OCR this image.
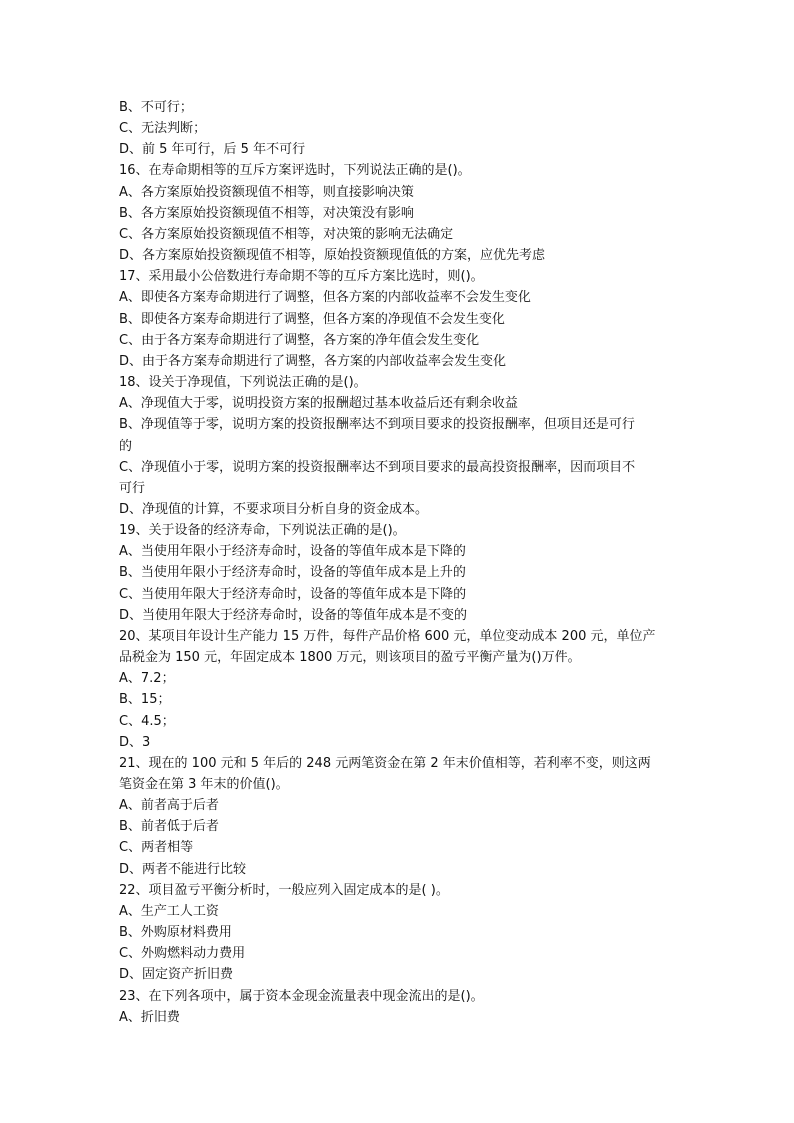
B、不可行；
C、无法判断；
D、前 5 年可行，后 5 年不可行
16、在寿命期相等的互斥方案评选时，下列说法正确的是()。
A、各方案原始投资额现值不相等，则直接影响决策
B、各方案原始投资额现值不相等，对决策没有影响
C、各方案原始投资额现值不相等，对决策的影响无法确定
D、各方案原始投资额现值不相等，原始投资额现值低的方案，应优先考虑
17、采用最小公倍数进行寿命期不等的互斥方案比选时，则()。
A、即使各方案寿命期进行了调整，但各方案的内部收益率不会发生变化
B、即使各方案寿命期进行了调整，但各方案的净现值不会发生变化
C、由于各方案寿命期进行了调整，各方案的净年值会发生变化
D、由于各方案寿命期进行了调整，各方案的内部收益率会发生变化
18、设关于净现值，下列说法正确的是()。
A、净现值大于零，说明投资方案的报酬超过基本收益后还有剩余收益
B、净现值等于零，说明方案的投资报酬率达不到项目要求的投资报酬率，但项目还是可行
的
C、净现值小于零，说明方案的投资报酬率达不到项目要求的最高投资报酬率，因而项目不
可行
D、净现值的计算，不要求项目分析自身的资金成本。
19、关于设备的经济寿命，下列说法正确的是()。
A、当使用年限小于经济寿命时，设备的等值年成本是下降的
B、当使用年限小于经济寿命时，设备的等值年成本是上升的
C、当使用年限大于经济寿命时，设备的等值年成本是下降的
D、当使用年限大于经济寿命时，设备的等值年成本是不变的
20、某项目年设计生产能力 15 万件，每件产品价格 600 元，单位变动成本 200 元，单位产
品税金为 150 元，年固定成本 1800 万元，则该项目的盈亏平衡产量为()万件。
A、7.2；
B、15；
C、4.5；
D、3
21、现在的 100 元和 5 年后的 248 元两笔资金在第 2 年末价值相等，若利率不变，则这两
笔资金在第 3 年末的价值()。
A、前者高于后者
B、前者低于后者
C、两者相等
D、两者不能进行比较
22、项目盈亏平衡分析时，一般应列入固定成本的是( )。
A、生产工人工资
B、外购原材料费用
C、外购燃料动力费用
D、固定资产折旧费
23、在下列各项中，属于资本金现金流量表中现金流出的是()。
A、折旧费
